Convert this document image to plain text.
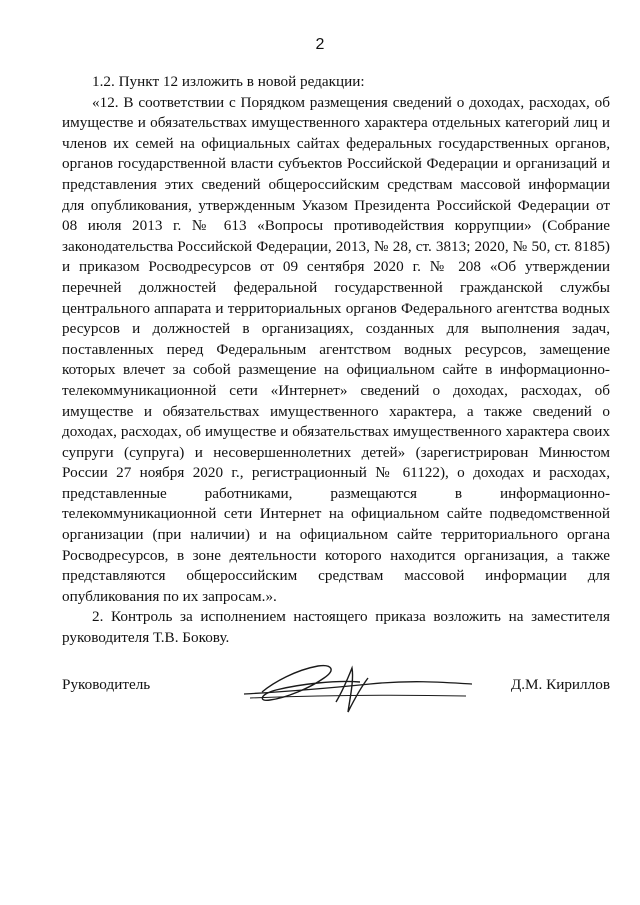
2

1.2. Пункт 12 изложить в новой редакции:

«12. В соответствии с Порядком размещения сведений о доходах, расходах, об имуществе и обязательствах имущественного характера отдельных категорий лиц и членов их семей на официальных сайтах федеральных государственных органов, органов государственной власти субъектов Российской Федерации и организаций и представления этих сведений общероссийским средствам массовой информации для опубликования, утвержденным Указом Президента Российской Федерации от 08 июля 2013 г. № 613 «Вопросы противодействия коррупции» (Собрание законодательства Российской Федерации, 2013, № 28, ст. 3813; 2020, № 50, ст. 8185) и приказом Росводресурсов от 09 сентября 2020 г. № 208 «Об утверждении перечней должностей федеральной государственной гражданской службы центрального аппарата и территориальных органов Федерального агентства водных ресурсов и должностей в организациях, созданных для выполнения задач, поставленных перед Федеральным агентством водных ресурсов, замещение которых влечет за собой размещение на официальном сайте в информационно-телекоммуникационной сети «Интернет» сведений о доходах, расходах, об имуществе и обязательствах имущественного характера, а также сведений о доходах, расходах, об имуществе и обязательствах имущественного характера своих супруги (супруга) и несовершеннолетних детей» (зарегистрирован Минюстом России 27 ноября 2020 г., регистрационный № 61122), о доходах и расходах, представленные работниками, размещаются в информационно-телекоммуникационной сети Интернет на официальном сайте подведомственной организации (при наличии) и на официальном сайте территориального органа Росводресурсов, в зоне деятельности которого находится организация, а также представляются общероссийским средствам массовой информации для опубликования по их запросам.».

2. Контроль за исполнением настоящего приказа возложить на заместителя руководителя Т.В. Бокову.

Руководитель	Д.М. Кириллов
